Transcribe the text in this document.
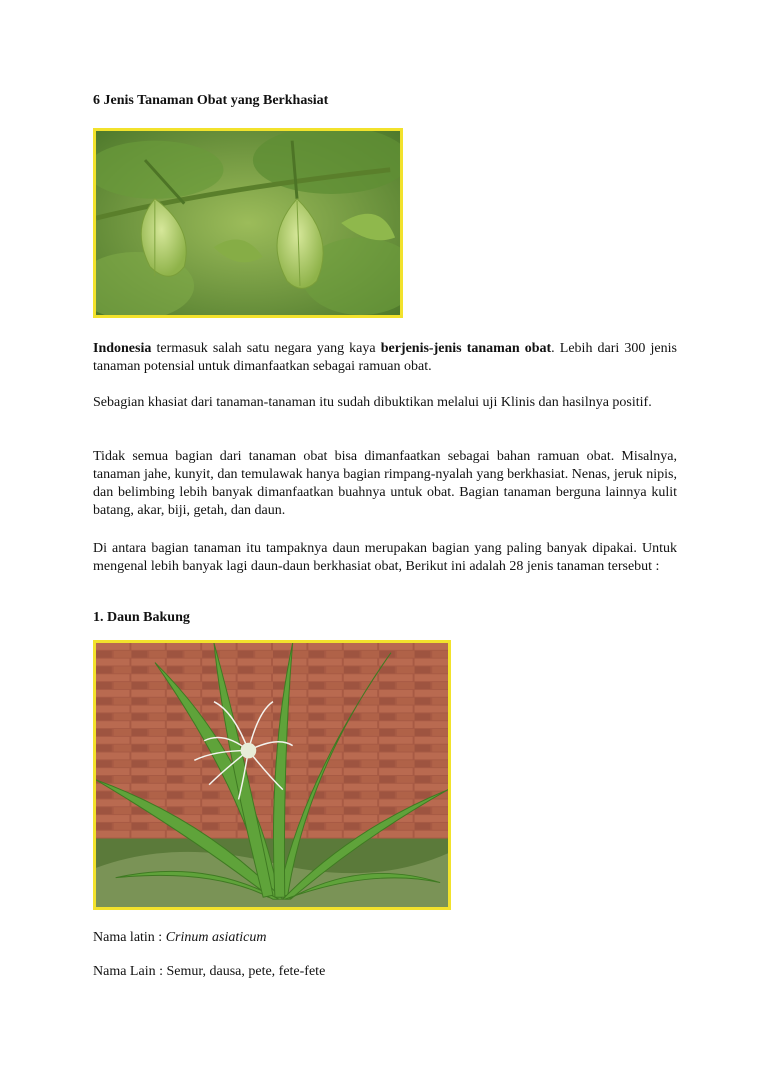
6 Jenis Tanaman Obat yang Berkhasiat

Indonesia termasuk salah satu negara yang kaya berjenis-jenis tanaman obat. Lebih dari 300 jenis tanaman potensial untuk dimanfaatkan sebagai ramuan obat.

Sebagian khasiat dari tanaman-tanaman itu sudah dibuktikan melalui uji Klinis dan hasilnya positif.

Tidak semua bagian dari tanaman obat bisa dimanfaatkan sebagai bahan ramuan obat. Misalnya, tanaman jahe, kunyit, dan temulawak hanya bagian rimpang-nyalah yang berkhasiat. Nenas, jeruk nipis, dan belimbing lebih banyak dimanfaatkan buahnya untuk obat. Bagian tanaman berguna lainnya kulit batang, akar, biji, getah, dan daun.

Di antara bagian tanaman itu tampaknya daun merupakan bagian yang paling banyak dipakai. Untuk mengenal lebih banyak lagi daun-daun berkhasiat obat, Berikut ini adalah 28 jenis tanaman tersebut :

1. Daun Bakung

Nama latin : Crinum asiaticum

Nama Lain : Semur, dausa, pete, fete-fete
